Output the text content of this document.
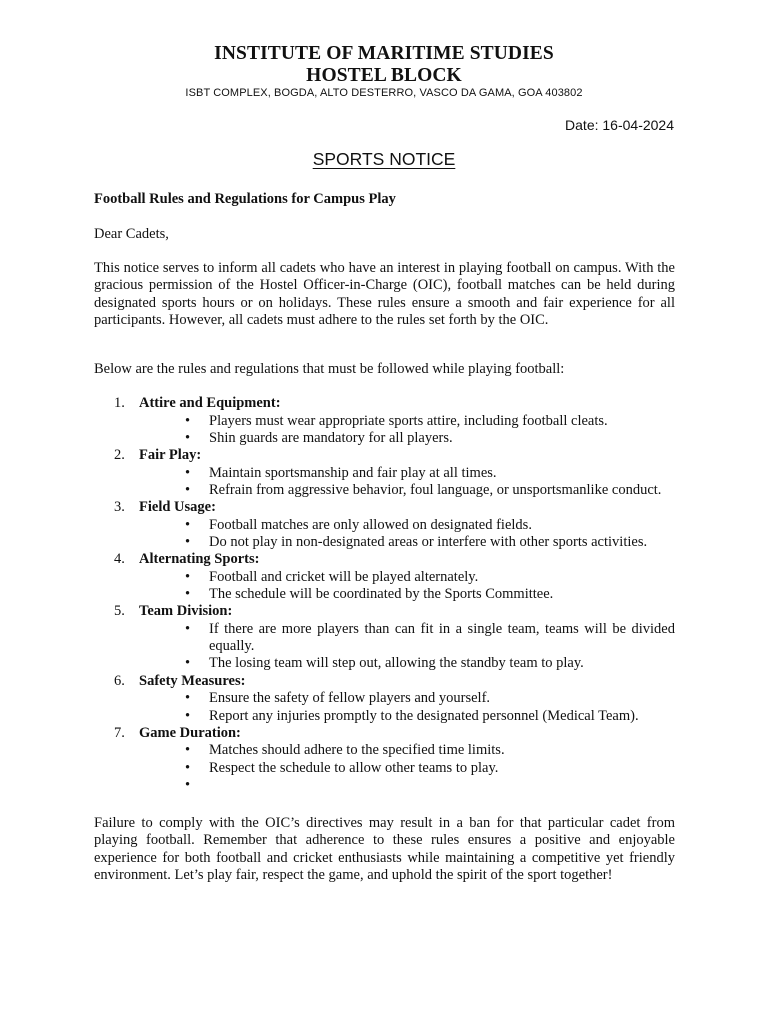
INSTITUTE OF MARITIME STUDIES
HOSTEL BLOCK
ISBT COMPLEX, BOGDA, ALTO DESTERRO, VASCO DA GAMA, GOA 403802
Date: 16-04-2024
SPORTS NOTICE
Football Rules and Regulations for Campus Play
Dear Cadets,
This notice serves to inform all cadets who have an interest in playing football on campus. With the gracious permission of the Hostel Officer-in-Charge (OIC), football matches can be held during designated sports hours or on holidays. These rules ensure a smooth and fair experience for all participants. However, all cadets must adhere to the rules set forth by the OIC.
Below are the rules and regulations that must be followed while playing football:
1. Attire and Equipment:
• Players must wear appropriate sports attire, including football cleats.
• Shin guards are mandatory for all players.
2. Fair Play:
• Maintain sportsmanship and fair play at all times.
• Refrain from aggressive behavior, foul language, or unsportsmanlike conduct.
3. Field Usage:
• Football matches are only allowed on designated fields.
• Do not play in non-designated areas or interfere with other sports activities.
4. Alternating Sports:
• Football and cricket will be played alternately.
• The schedule will be coordinated by the Sports Committee.
5. Team Division:
• If there are more players than can fit in a single team, teams will be divided equally.
• The losing team will step out, allowing the standby team to play.
6. Safety Measures:
• Ensure the safety of fellow players and yourself.
• Report any injuries promptly to the designated personnel (Medical Team).
7. Game Duration:
• Matches should adhere to the specified time limits.
• Respect the schedule to allow other teams to play.
•

Failure to comply with the OIC’s directives may result in a ban for that particular cadet from playing football. Remember that adherence to these rules ensures a positive and enjoyable experience for both football and cricket enthusiasts while maintaining a competitive yet friendly environment. Let’s play fair, respect the game, and uphold the spirit of the sport together!
